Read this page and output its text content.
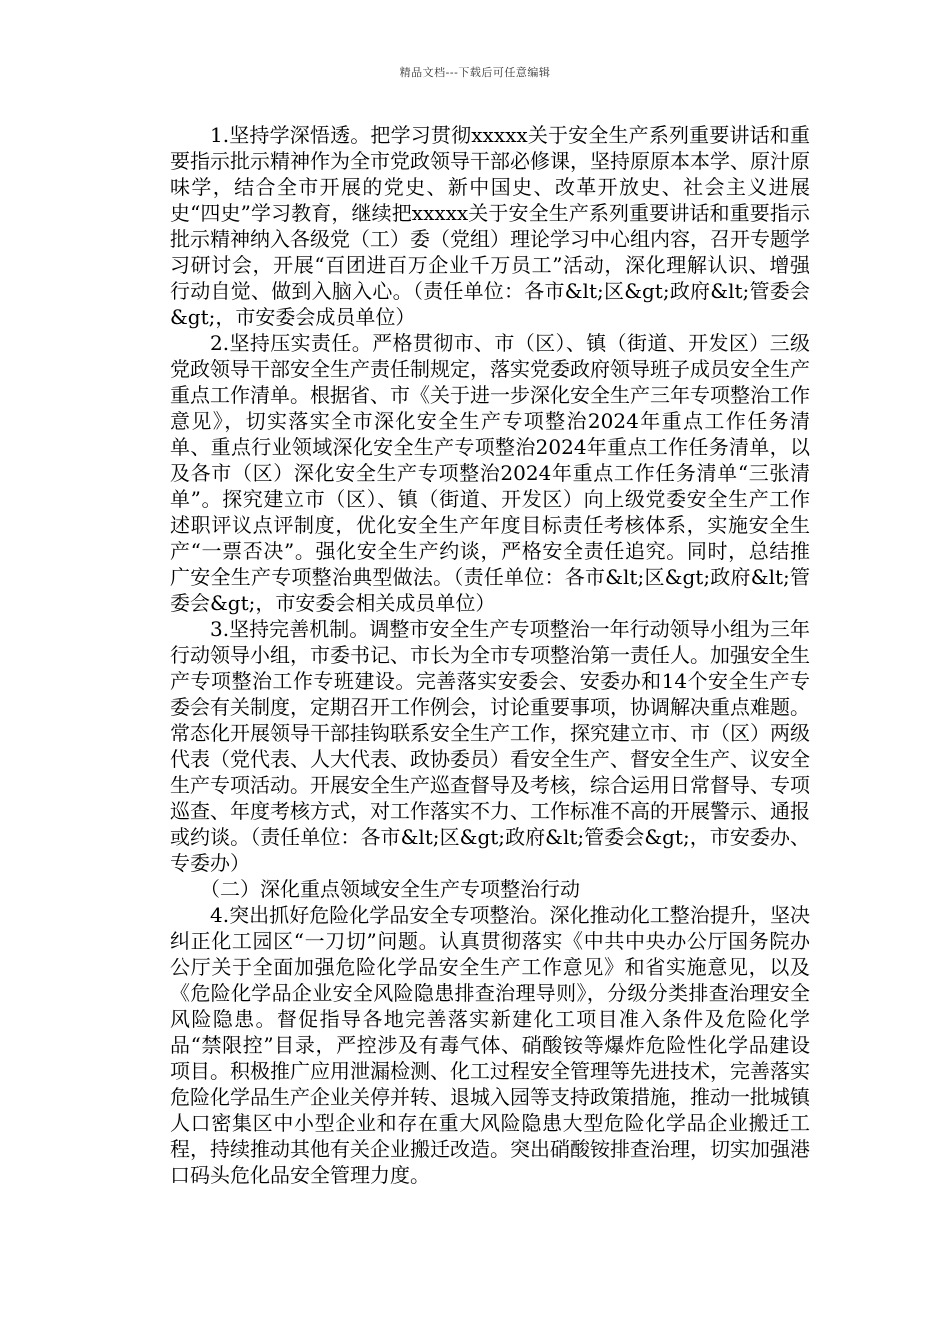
精品文档---下载后可任意编辑

1.坚持学深悟透。把学习贯彻xxxxx关于安全生产系列重要讲话和重要指示批示精神作为全市党政领导干部必修课，坚持原原本本学、原汁原味学，结合全市开展的党史、新中国史、改革开放史、社会主义进展史“四史”学习教育，继续把xxxxx关于安全生产系列重要讲话和重要指示批示精神纳入各级党（工）委（党组）理论学习中心组内容，召开专题学习研讨会，开展“百团进百万企业千万员工”活动，深化理解认识、增强行动自觉、做到入脑入心。（责任单位：各市&lt;区&gt;政府&lt;管委会&gt;，市安委会成员单位）

2.坚持压实责任。严格贯彻市、市（区）、镇（街道、开发区）三级党政领导干部安全生产责任制规定，落实党委政府领导班子成员安全生产重点工作清单。根据省、市《关于进一步深化安全生产三年专项整治工作意见》，切实落实全市深化安全生产专项整治2024年重点工作任务清单、重点行业领域深化安全生产专项整治2024年重点工作任务清单，以及各市（区）深化安全生产专项整治2024年重点工作任务清单“三张清单”。探究建立市（区）、镇（街道、开发区）向上级党委安全生产工作述职评议点评制度，优化安全生产年度目标责任考核体系，实施安全生产“一票否决”。强化安全生产约谈，严格安全责任追究。同时，总结推广安全生产专项整治典型做法。（责任单位：各市&lt;区&gt;政府&lt;管委会&gt;，市安委会相关成员单位）

3.坚持完善机制。调整市安全生产专项整治一年行动领导小组为三年行动领导小组，市委书记、市长为全市专项整治第一责任人。加强安全生产专项整治工作专班建设。完善落实安委会、安委办和14个安全生产专委会有关制度，定期召开工作例会，讨论重要事项，协调解决重点难题。常态化开展领导干部挂钩联系安全生产工作，探究建立市、市（区）两级代表（党代表、人大代表、政协委员）看安全生产、督安全生产、议安全生产专项活动。开展安全生产巡查督导及考核，综合运用日常督导、专项巡查、年度考核方式，对工作落实不力、工作标准不高的开展警示、通报或约谈。（责任单位：各市&lt;区&gt;政府&lt;管委会&gt;，市安委办、专委办）

（二）深化重点领域安全生产专项整治行动

4.突出抓好危险化学品安全专项整治。深化推动化工整治提升，坚决纠正化工园区“一刀切”问题。认真贯彻落实《中共中央办公厅国务院办公厅关于全面加强危险化学品安全生产工作意见》和省实施意见，以及《危险化学品企业安全风险隐患排查治理导则》，分级分类排查治理安全风险隐患。督促指导各地完善落实新建化工项目准入条件及危险化学品“禁限控”目录，严控涉及有毒气体、硝酸铵等爆炸危险性化学品建设项目。积极推广应用泄漏检测、化工过程安全管理等先进技术，完善落实危险化学品生产企业关停并转、退城入园等支持政策措施，推动一批城镇人口密集区中小型企业和存在重大风险隐患大型危险化学品企业搬迁工程，持续推动其他有关企业搬迁改造。突出硝酸铵排查治理，切实加强港口码头危化品安全管理力度。
